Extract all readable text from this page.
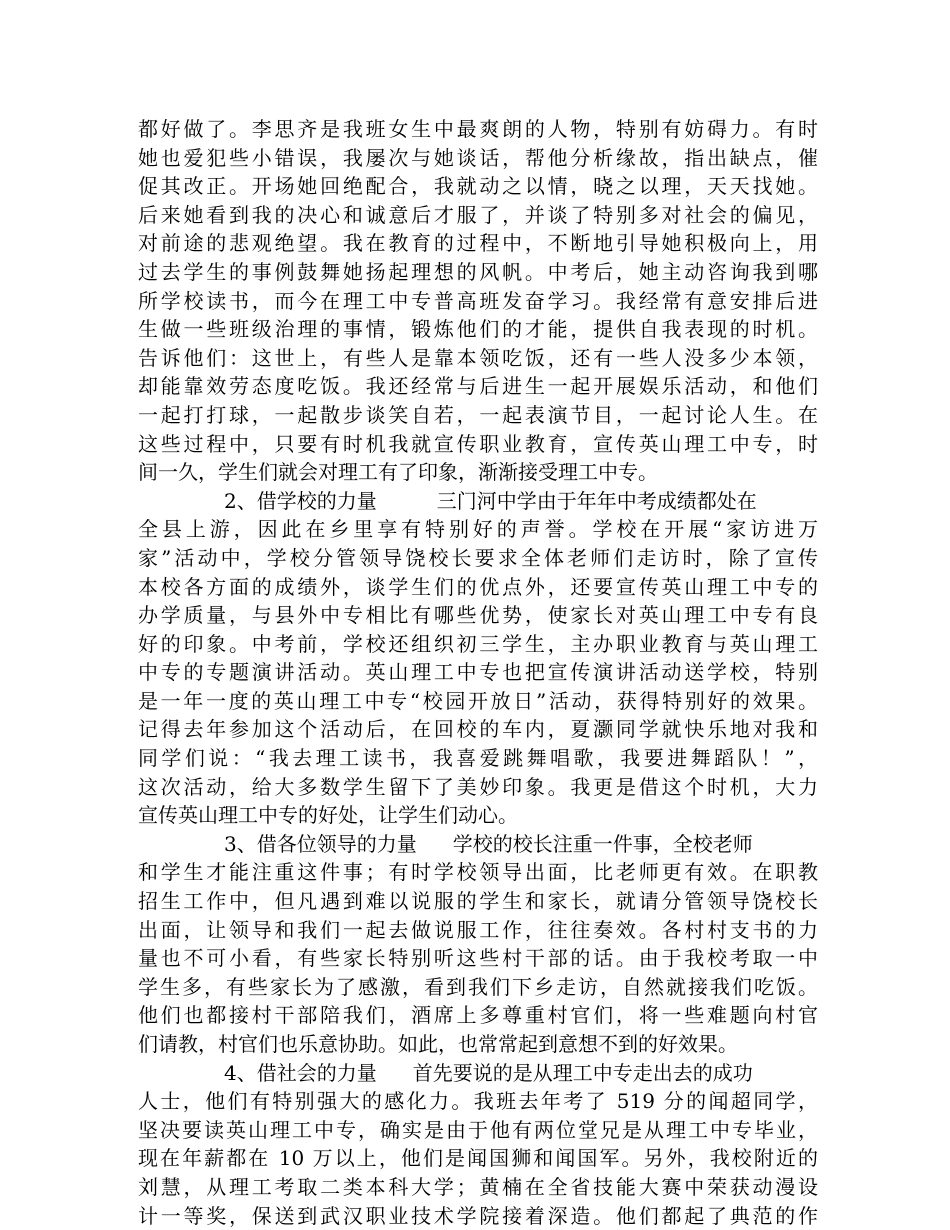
都好做了。李思齐是我班女生中最爽朗的人物，特别有妨碍力。有时
她也爱犯些小错误，我屡次与她谈话，帮他分析缘故，指出缺点，催
促其改正。开场她回绝配合，我就动之以情，晓之以理，天天找她。
后来她看到我的决心和诚意后才服了，并谈了特别多对社会的偏见，
对前途的悲观绝望。我在教育的过程中，不断地引导她积极向上，用
过去学生的事例鼓舞她扬起理想的风帆。中考后，她主动咨询我到哪
所学校读书，而今在理工中专普高班发奋学习。我经常有意安排后进
生做一些班级治理的事情，锻炼他们的才能，提供自我表现的时机。
告诉他们：这世上，有些人是靠本领吃饭，还有一些人没多少本领，
却能靠效劳态度吃饭。我还经常与后进生一起开展娱乐活动，和他们
一起打打球，一起散步谈笑自若，一起表演节目，一起讨论人生。在
这些过程中，只要有时机我就宣传职业教育，宣传英山理工中专，时
间一久，学生们就会对理工有了印象，渐渐接受理工中专。
2、借学校的力量	三门河中学由于年年中考成绩都处在
全县上游，因此在乡里享有特别好的声誉。学校在开展“家访进万
家”活动中，学校分管领导饶校长要求全体老师们走访时，除了宣传
本校各方面的成绩外，谈学生们的优点外，还要宣传英山理工中专的
办学质量，与县外中专相比有哪些优势，使家长对英山理工中专有良
好的印象。中考前，学校还组织初三学生，主办职业教育与英山理工
中专的专题演讲活动。英山理工中专也把宣传演讲活动送学校，特别
是一年一度的英山理工中专“校园开放日”活动，获得特别好的效果。
记得去年参加这个活动后，在回校的车内，夏灏同学就快乐地对我和
同学们说：“我去理工读书，我喜爱跳舞唱歌，我要进舞蹈队！”，
这次活动，给大多数学生留下了美妙印象。我更是借这个时机，大力
宣传英山理工中专的好处，让学生们动心。
3、借各位领导的力量 学校的校长注重一件事，全校老师
和学生才能注重这件事；有时学校领导出面，比老师更有效。在职教
招生工作中，但凡遇到难以说服的学生和家长，就请分管领导饶校长
出面，让领导和我们一起去做说服工作，往往奏效。各村村支书的力
量也不可小看，有些家长特别听这些村干部的话。由于我校考取一中
学生多，有些家长为了感激，看到我们下乡走访，自然就接我们吃饭。
他们也都接村干部陪我们，酒席上多尊重村官们，将一些难题向村官
们请教，村官们也乐意协助。如此，也常常起到意想不到的好效果。
4、借社会的力量 首先要说的是从理工中专走出去的成功
人士，他们有特别强大的感化力。我班去年考了 519 分的闻超同学，
坚决要读英山理工中专，确实是由于他有两位堂兄是从理工中专毕业，
现在年薪都在 10 万以上，他们是闻国狮和闻国军。另外，我校附近的
刘慧，从理工考取二类本科大学；黄楠在全省技能大赛中荣获动漫设
计一等奖，保送到武汉职业技术学院接着深造。他们都起了典范的作
